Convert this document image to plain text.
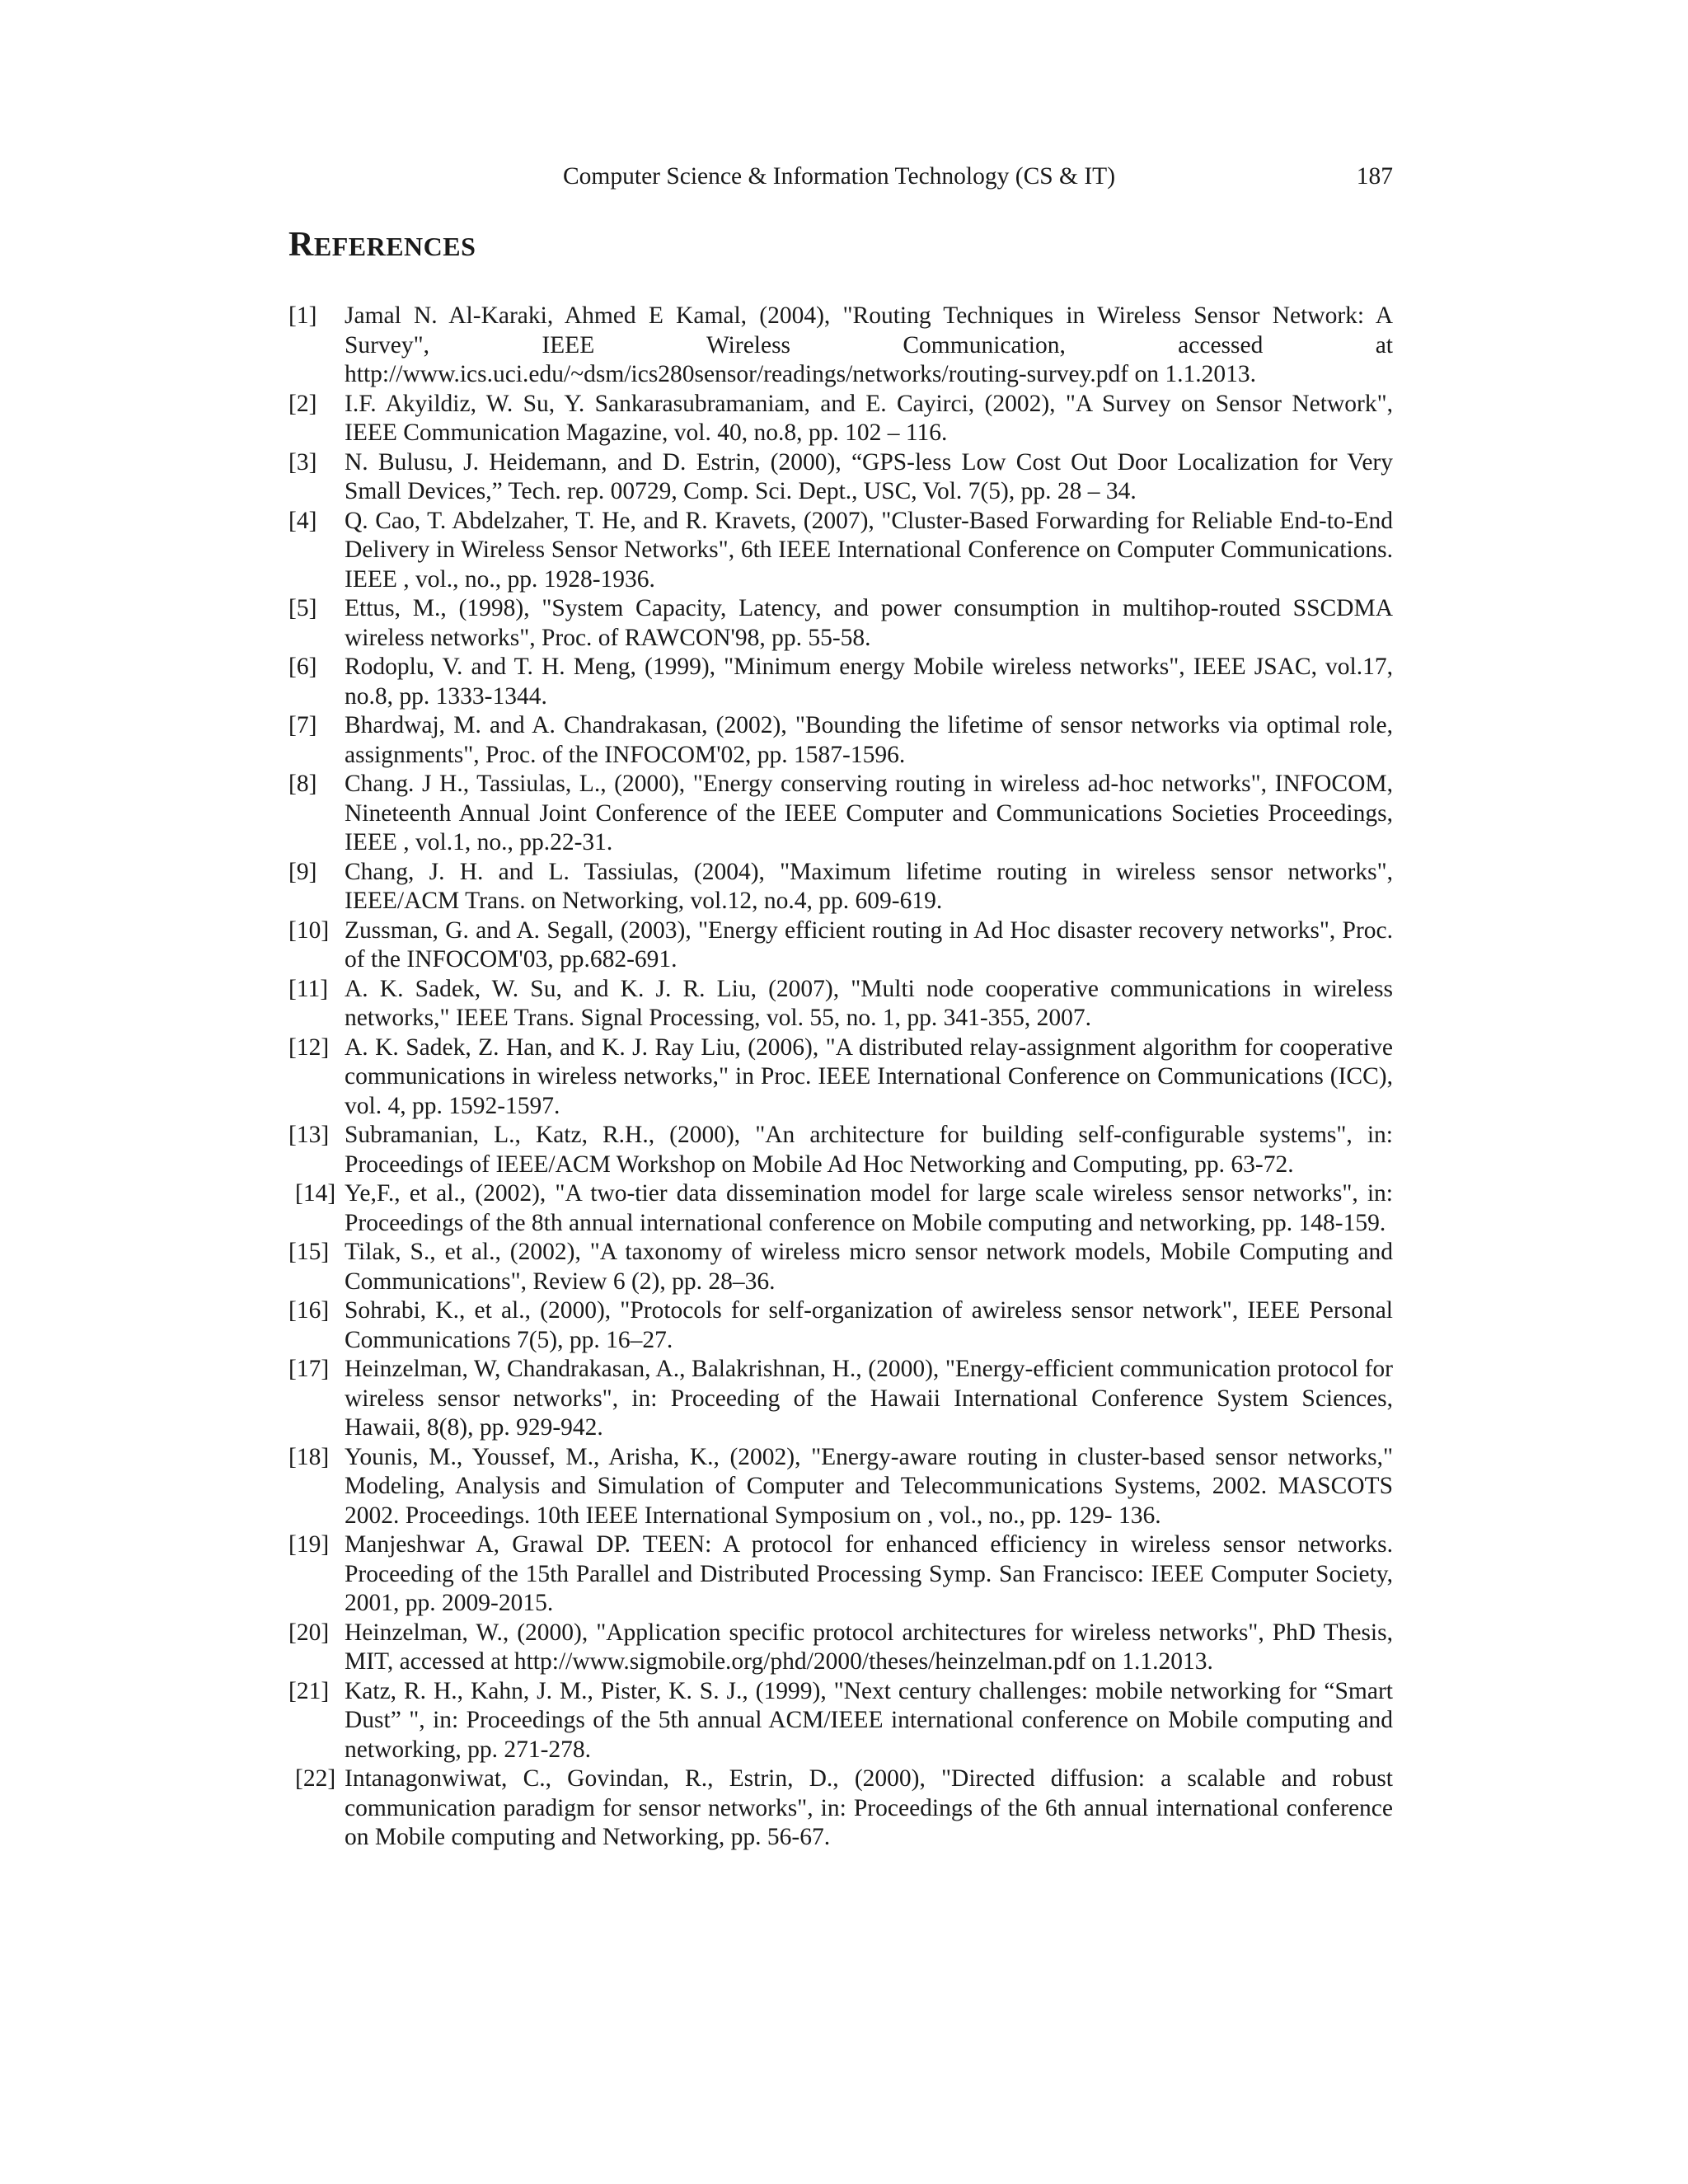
Computer Science & Information Technology (CS & IT)	187
REFERENCES
[1] Jamal N. Al-Karaki, Ahmed E Kamal, (2004), "Routing Techniques in Wireless Sensor Network: A Survey", IEEE Wireless Communication, accessed at http://www.ics.uci.edu/~dsm/ics280sensor/readings/networks/routing-survey.pdf on 1.1.2013.
[2] I.F. Akyildiz, W. Su, Y. Sankarasubramaniam, and E. Cayirci, (2002), "A Survey on Sensor Network", IEEE Communication Magazine, vol. 40, no.8, pp. 102 – 116.
[3] N. Bulusu, J. Heidemann, and D. Estrin, (2000), “GPS-less Low Cost Out Door Localization for Very Small Devices,” Tech. rep. 00729, Comp. Sci. Dept., USC, Vol. 7(5), pp. 28 – 34.
[4] Q. Cao, T. Abdelzaher, T. He, and R. Kravets, (2007), "Cluster-Based Forwarding for Reliable End-to-End Delivery in Wireless Sensor Networks", 6th IEEE International Conference on Computer Communications. IEEE , vol., no., pp. 1928-1936.
[5] Ettus, M., (1998), "System Capacity, Latency, and power consumption in multihop-routed SSCDMA wireless networks", Proc. of RAWCON'98, pp. 55-58.
[6] Rodoplu, V. and T. H. Meng, (1999), "Minimum energy Mobile wireless networks", IEEE JSAC, vol.17, no.8, pp. 1333-1344.
[7] Bhardwaj, M. and A. Chandrakasan, (2002), "Bounding the lifetime of sensor networks via optimal role, assignments", Proc. of the INFOCOM'02, pp. 1587-1596.
[8] Chang. J H., Tassiulas, L., (2000), "Energy conserving routing in wireless ad-hoc networks", INFOCOM, Nineteenth Annual Joint Conference of the IEEE Computer and Communications Societies Proceedings, IEEE , vol.1, no., pp.22-31.
[9] Chang, J. H. and L. Tassiulas, (2004), "Maximum lifetime routing in wireless sensor networks", IEEE/ACM Trans. on Networking, vol.12, no.4, pp. 609-619.
[10] Zussman, G. and A. Segall, (2003), "Energy efficient routing in Ad Hoc disaster recovery networks", Proc. of the INFOCOM'03, pp.682-691.
[11] A. K. Sadek, W. Su, and K. J. R. Liu, (2007), "Multi node cooperative communications in wireless networks," IEEE Trans. Signal Processing, vol. 55, no. 1, pp. 341-355, 2007.
[12] A. K. Sadek, Z. Han, and K. J. Ray Liu, (2006), "A distributed relay-assignment algorithm for cooperative communications in wireless networks," in Proc. IEEE International Conference on Communications (ICC), vol. 4, pp. 1592-1597.
[13] Subramanian, L., Katz, R.H., (2000), "An architecture for building self-configurable systems", in: Proceedings of IEEE/ACM Workshop on Mobile Ad Hoc Networking and Computing, pp. 63-72.
[14] Ye,F., et al., (2002), "A two-tier data dissemination model for large scale wireless sensor networks", in: Proceedings of the 8th annual international conference on Mobile computing and networking, pp. 148-159.
[15] Tilak, S., et al., (2002), "A taxonomy of wireless micro sensor network models, Mobile Computing and Communications", Review 6 (2), pp. 28–36.
[16] Sohrabi, K., et al., (2000), "Protocols for self-organization of awireless sensor network", IEEE Personal Communications 7(5), pp. 16–27.
[17] Heinzelman, W, Chandrakasan, A., Balakrishnan, H., (2000), "Energy-efficient communication protocol for wireless sensor networks", in: Proceeding of the Hawaii International Conference System Sciences, Hawaii, 8(8), pp. 929-942.
[18] Younis, M., Youssef, M., Arisha, K., (2002), "Energy-aware routing in cluster-based sensor networks," Modeling, Analysis and Simulation of Computer and Telecommunications Systems, 2002. MASCOTS 2002. Proceedings. 10th IEEE International Symposium on , vol., no., pp. 129- 136.
[19] Manjeshwar A, Grawal DP. TEEN: A protocol for enhanced efficiency in wireless sensor networks. Proceeding of the 15th Parallel and Distributed Processing Symp. San Francisco: IEEE Computer Society, 2001, pp. 2009-2015.
[20] Heinzelman, W., (2000), "Application specific protocol architectures for wireless networks", PhD Thesis, MIT, accessed at http://www.sigmobile.org/phd/2000/theses/heinzelman.pdf on 1.1.2013.
[21] Katz, R. H., Kahn, J. M., Pister, K. S. J., (1999), "Next century challenges: mobile networking for “Smart Dust” ", in: Proceedings of the 5th annual ACM/IEEE international conference on Mobile computing and networking, pp. 271-278.
[22] Intanagonwiwat, C., Govindan, R., Estrin, D., (2000), "Directed diffusion: a scalable and robust communication paradigm for sensor networks", in: Proceedings of the 6th annual international conference on Mobile computing and Networking, pp. 56-67.
